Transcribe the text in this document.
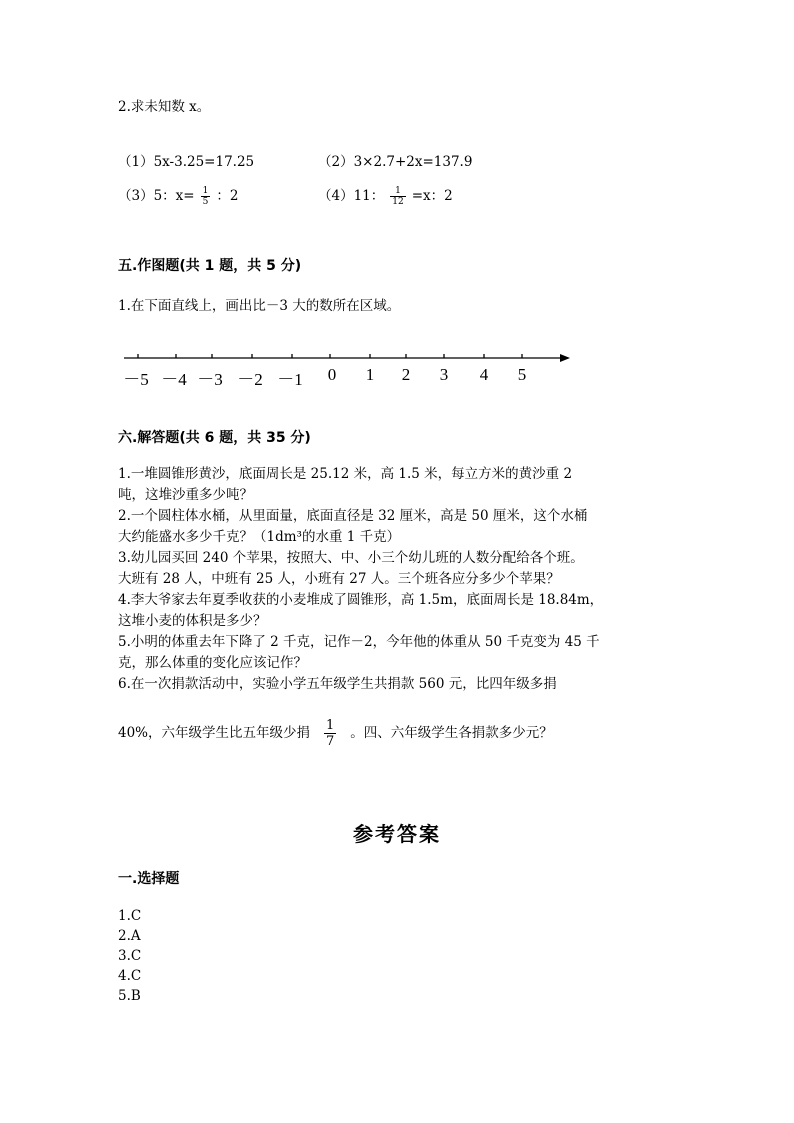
2.求未知数 x。
（1）5x-3.25=17.25	（2）3×2.7+2x=137.9
（3）5：$x= \frac{1}{5}$ ：2	（4）11： $\frac{1}{12} =x$：2
五.作图题(共 1 题，共 5 分)
1.在下面直线上，画出比－3 大的数所在区域。
－5 －4 －3 －2 －1 0 1 2 3 4 5
六.解答题(共 6 题，共 35 分)
1.一堆圆锥形黄沙，底面周长是 25.12 米，高 1.5 米，每立方米的黄沙重 2
吨，这堆沙重多少吨？
2.一个圆柱体水桶，从里面量，底面直径是 32 厘米，高是 50 厘米，这个水桶
大约能盛水多少千克？（1dm³的水重 1 千克）
3.幼儿园买回 240 个苹果，按照大、中、小三个幼儿班的人数分配给各个班。
大班有 28 人，中班有 25 人，小班有 27 人。三个班各应分多少个苹果？
4.李大爷家去年夏季收获的小麦堆成了圆锥形，高 1.5m，底面周长是 18.84m，
这堆小麦的体积是多少？
5.小明的体重去年下降了 2 千克，记作－2，今年他的体重从 50 千克变为 45 千
克，那么体重的变化应该记作？
6.在一次捐款活动中，实验小学五年级学生共捐款 560 元，比四年级多捐
40%，六年级学生比五年级少捐 $\frac{1}{7}$ 。四、六年级学生各捐款多少元？
参考答案
一.选择题
1.C
2.A
3.C
4.C
5.B
